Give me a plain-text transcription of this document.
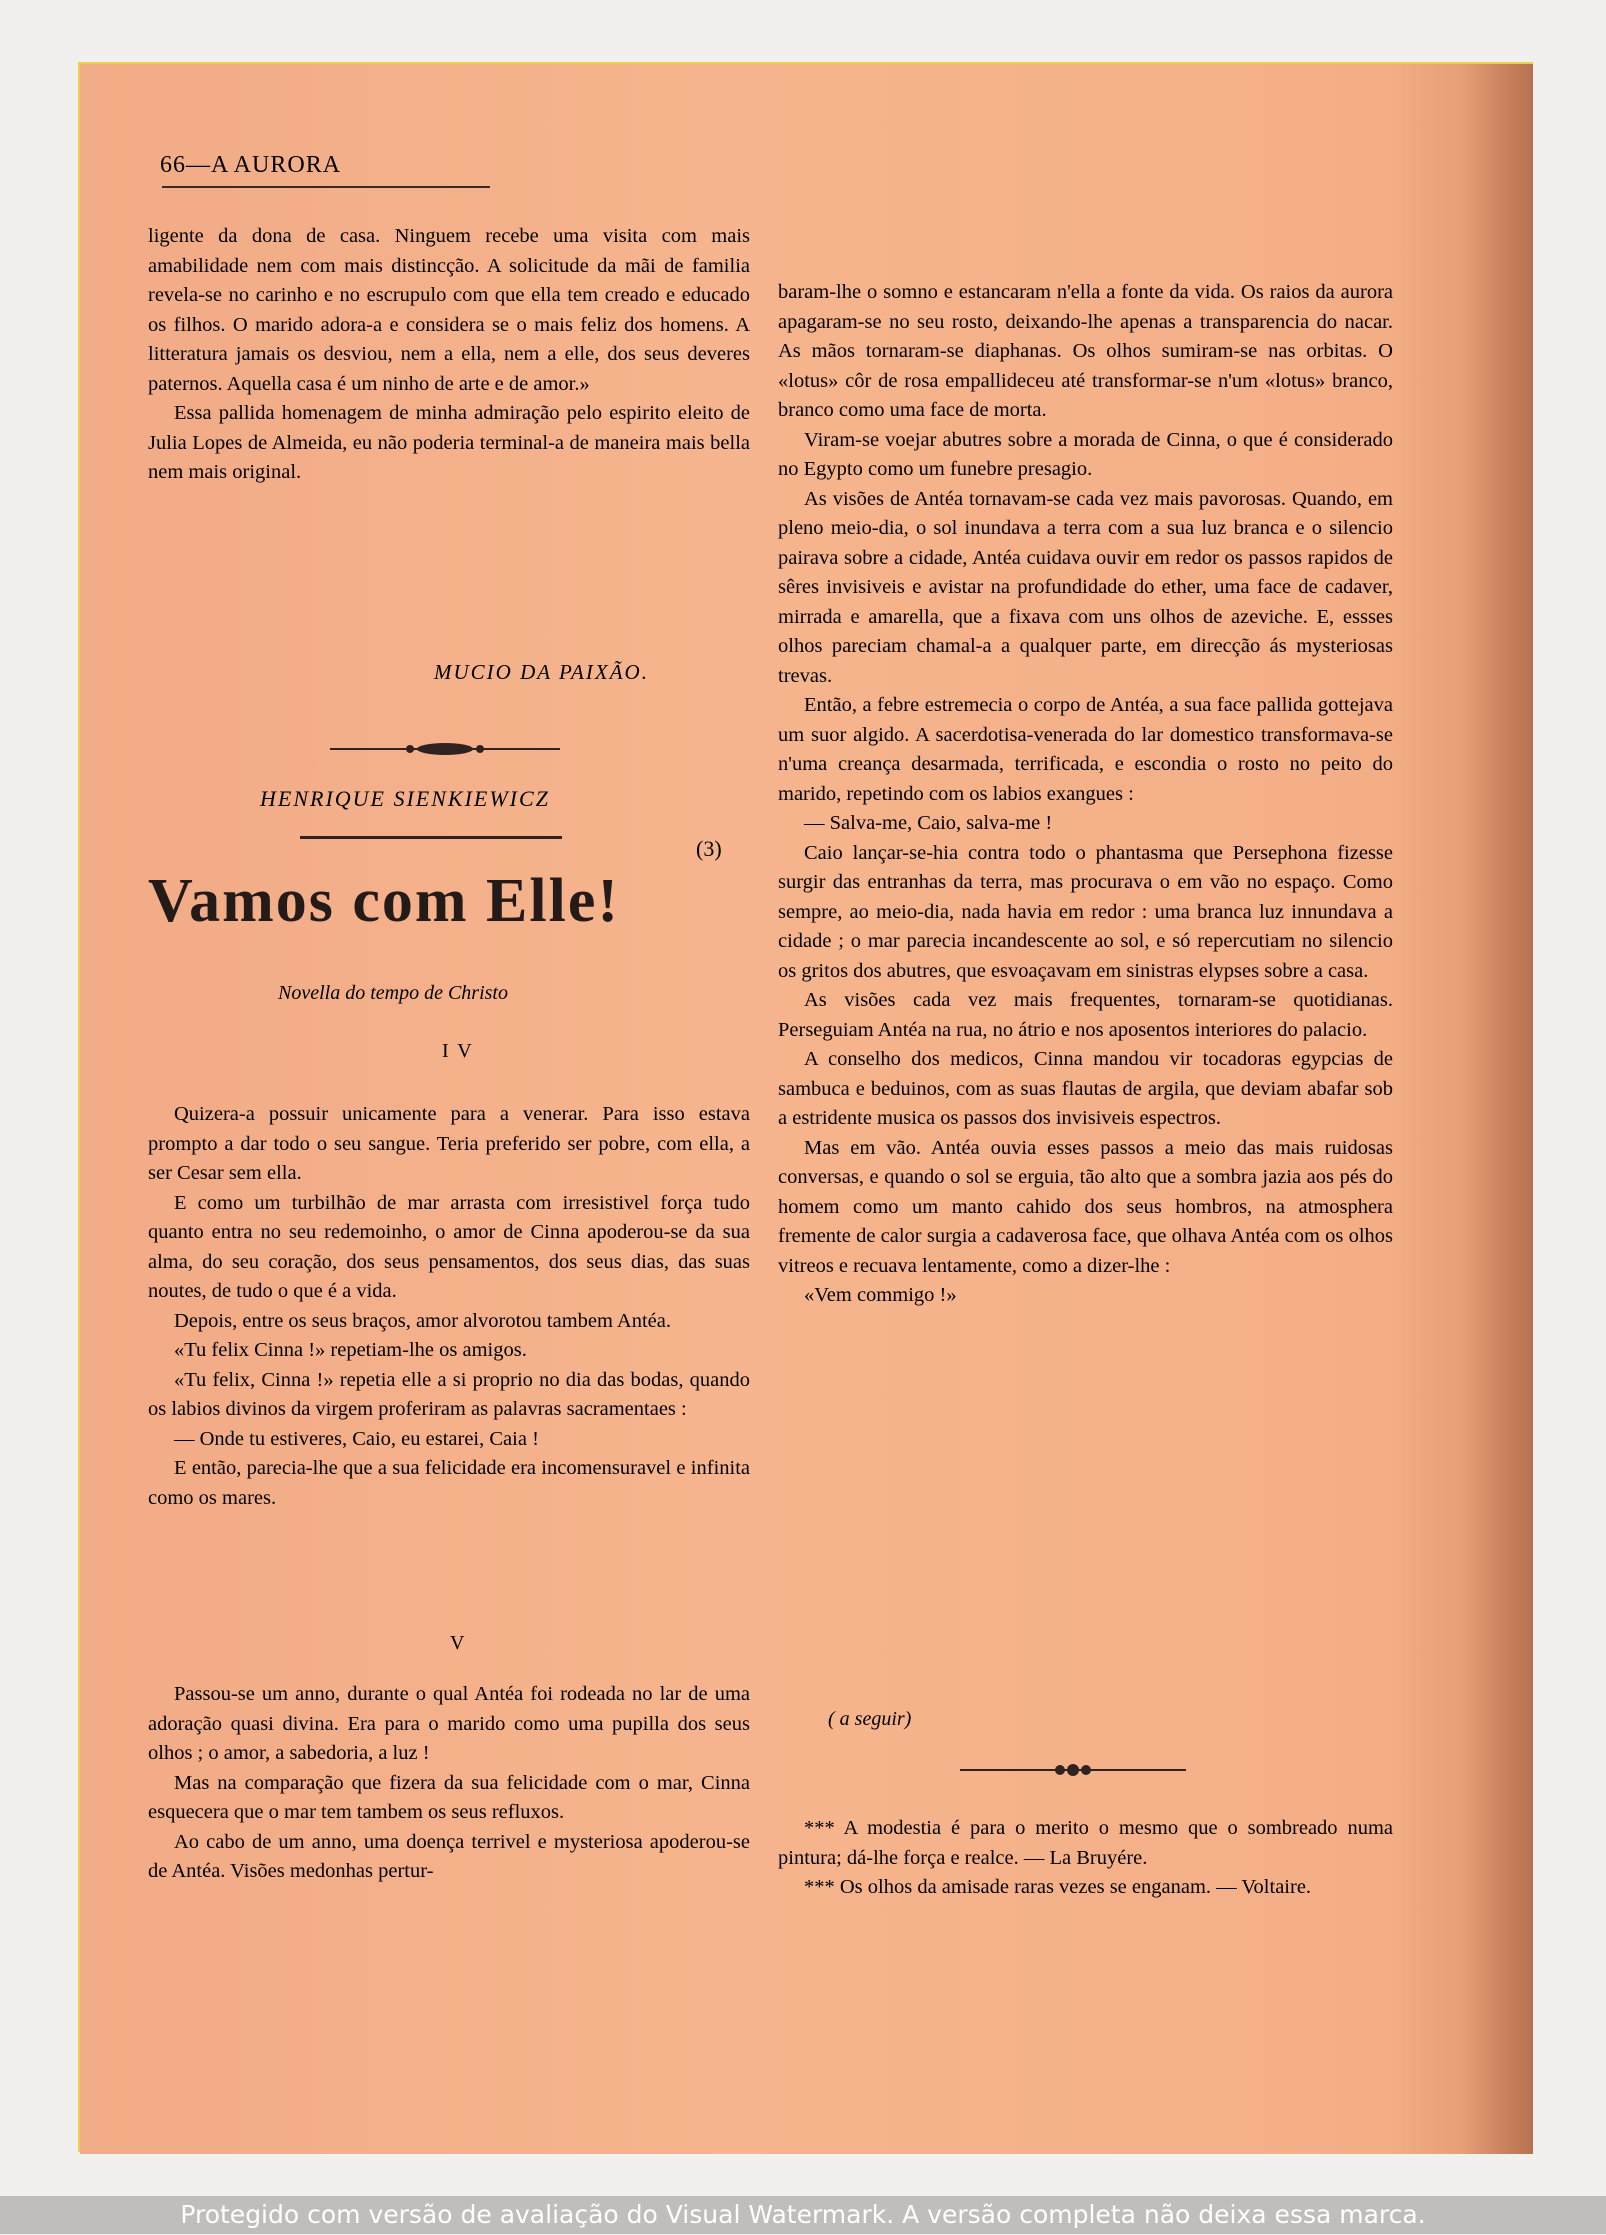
66—A AURORA

ligente da dona de casa. Ninguem recebe uma visita com mais amabilidade nem com mais distincção. A solicitude da mãi de familia revela-se no carinho e no escrupulo com que ella tem creado e educado os filhos. O marido adora-a e considera se o mais feliz dos homens. A litteratura jamais os desviou, nem a ella, nem a elle, dos seus deveres paternos. Aquella casa é um ninho de arte e de amor.»

Essa pallida homenagem de minha admiração pelo espirito eleito de Julia Lopes de Almeida, eu não poderia terminal-a de maneira mais bella nem mais original.

MUCIO DA PAIXÃO.
HENRIQUE SIENKIEWICZ
(3)
Vamos com Elle!
Novella do tempo de Christo
I V

Quizera-a possuir unicamente para a venerar. Para isso estava prompto a dar todo o seu sangue. Teria preferido ser pobre, com ella, a ser Cesar sem ella.

E como um turbilhão de mar arrasta com irresistivel força tudo quanto entra no seu redemoinho, o amor de Cinna apoderou-se da sua alma, do seu coração, dos seus pensamentos, dos seus dias, das suas noutes, de tudo o que é a vida.

Depois, entre os seus braços, amor alvorotou tambem Antéa.

«Tu felix Cinna !» repetiam-lhe os amigos.

«Tu felix, Cinna !» repetia elle a si proprio no dia das bodas, quando os labios divinos da virgem proferiram as palavras sacramentaes :

— Onde tu estiveres, Caio, eu estarei, Caia !

E então, parecia-lhe que a sua felicidade era incomensuravel e infinita como os mares.

V

Passou-se um anno, durante o qual Antéa foi rodeada no lar de uma adoração quasi divina. Era para o marido como uma pupilla dos seus olhos ; o amor, a sabedoria, a luz !

Mas na comparação que fizera da sua felicidade com o mar, Cinna esquecera que o mar tem tambem os seus refluxos.

Ao cabo de um anno, uma doença terrivel e mysteriosa apoderou-se de Antéa. Visões medonhas pertur-

baram-lhe o somno e estancaram n'ella a fonte da vida. Os raios da aurora apagaram-se no seu rosto, deixando-lhe apenas a transparencia do nacar. As mãos tornaram-se diaphanas. Os olhos sumiram-se nas orbitas. O «lotus» côr de rosa empallideceu até transformar-se n'um «lotus» branco, branco como uma face de morta.

Viram-se voejar abutres sobre a morada de Cinna, o que é considerado no Egypto como um funebre presagio.

As visões de Antéa tornavam-se cada vez mais pavorosas. Quando, em pleno meio-dia, o sol inundava a terra com a sua luz branca e o silencio pairava sobre a cidade, Antéa cuidava ouvir em redor os passos rapidos de sêres invisiveis e avistar na profundidade do ether, uma face de cadaver, mirrada e amarella, que a fixava com uns olhos de azeviche. E, essses olhos pareciam chamal-a a qualquer parte, em direcção ás mysteriosas trevas.

Então, a febre estremecia o corpo de Antéa, a sua face pallida gottejava um suor algido. A sacerdotisa-venerada do lar domestico transformava-se n'uma creança desarmada, terrificada, e escondia o rosto no peito do marido, repetindo com os labios exangues :

— Salva-me, Caio, salva-me !

Caio lançar-se-hia contra todo o phantasma que Persephona fizesse surgir das entranhas da terra, mas procurava o em vão no espaço. Como sempre, ao meio-dia, nada havia em redor : uma branca luz innundava a cidade ; o mar parecia incandescente ao sol, e só repercutiam no silencio os gritos dos abutres, que esvoaçavam em sinistras elypses sobre a casa.

As visões cada vez mais frequentes, tornaram-se quotidianas. Perseguiam Antéa na rua, no átrio e nos aposentos interiores do palacio.

A conselho dos medicos, Cinna mandou vir tocadoras egypcias de sambuca e beduinos, com as suas flautas de argila, que deviam abafar sob a estridente musica os passos dos invisiveis espectros.

Mas em vão. Antéa ouvia esses passos a meio das mais ruidosas conversas, e quando o sol se erguia, tão alto que a sombra jazia aos pés do homem como um manto cahido dos seus hombros, na atmosphera fremente de calor surgia a cadaverosa face, que olhava Antéa com os olhos vitreos e recuava lentamente, como a dizer-lhe :

«Vem commigo !»

( a seguir)

*** A modestia é para o merito o mesmo que o sombreado numa pintura; dá-lhe força e realce. — La Bruyére.

*** Os olhos da amisade raras vezes se enganam. — Voltaire.

Protegido com versão de avaliação do Visual Watermark. A versão completa não deixa essa marca.
